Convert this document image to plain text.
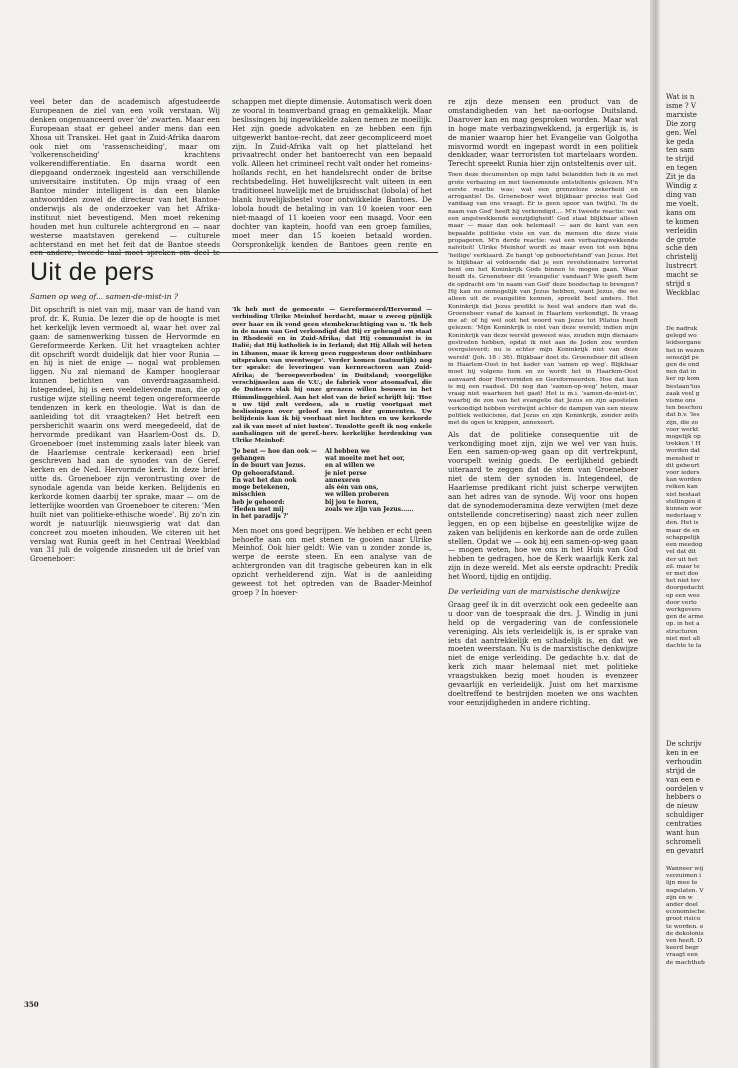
veel beter dan de academisch afgestudeerde Europeanen de ziel van een volk verstaan. Wij denken ongenuanceerd over 'de' zwarten. Maar een Europeaan staat er geheel ander mens dan een Xhosa uit Transkei. Het gaat in Zuid-Afrika daarom ook niet om 'rassenscheiding', maar om 'volkerenscheiding' krachtens volkerendifferentiatie. En daarna wordt een diepgaand onderzoek ingesteld aan verschillende universitaire instituten. Op mijn vraag of een Bantoe minder intelligent is dan een blanke antwoordden zowel de directeur van het Bantoe-onderwijs als de onderzoeker van het Afrika-instituut niet bevestigend. Men moet rekening houden met hun culturele achtergrond en — naar westerse maatstaven gerekend — culturele achterstand en met het feit dat de Bantoe steeds

schappen met diepte dimensie. Automatisch werk doen ze vooral in teamverband graag en gemakkelijk. Maar beslissingen bij ingewikkelde zaken nemen ze moeilijk. Het zijn goede advokaten en ze hebben een fijn uitgewerkt bantoe-recht, dat zeer gecompliceerd moet zijn. In Zuid-Afrika valt op het platteland het privaatrecht onder het bantoerecht van een bepaald volk. Alleen het crimineel recht valt onder het romeins-hollands recht, en het handelsrecht onder de britse rechtsbedeling. Het huwelijksrecht valt uiteen in een traditioneel huwelijk met de bruidsschat (lobola) of het blank huwelijksbestel voor ontwikkelde Bantoes. De lobola houdt de betaling in van 10 koeien voor een niet-maagd of 11 koeien voor een maagd. Voor een dochter van kaptein, hoofd van een groep families, moet meer dan 15 koeien betaald worden. Oorspronkelijk kenden de Bantoes geen rente en

re zijn deze mensen een product van de omstandigheden van het na-oorlogse Duitsland. Daarover kan en mag gesproken worden. Maar wat in hoge mate verbazingwekkend, ja ergerlijk is, is de manier waarop hier het Evangelie van Golgotha misvormd wordt en ingepast wordt in een politiek denkkader, waar terroristen tot martelaars worden. Terecht spreekt Runia hier zijn ontsteltenis over uit.

Toen deze documenten op mijn tafel belandden heb ik ze met grote verbazing en met toenemende ontsteltenis gelezen. M'n eerste reactie was: wat een grenzeloze zekerheid en arrogantie! Ds. Groeneboer weet blijkbaar precies wat God vandaag van ons vraagt. Er is geen spoor van twijfel. 'In de naam van God' heeft hij verkondigd.... M'n tweede reactie: wat een angstwekkende eenzijdigheid! God staat blijkbaar alleen maar — maar dan ook helemaal! — aan de kant van een bepaalde politieke visie en van de mensen die deze visie propageren. M'n derde reactie: wat een verbazingwekkende naïviteit! Ulrike Meinhof wordt zo maar even tot een bijna 'heilige' verklaard. Ze hangt 'op geboortefstand' van Jezus. Het is blijkbaar al voldoende dat je een revolutionaire terrorist bent om het Koninkrijk Gods binnen te mogen gaan. Waar houdt ds. Groeneboer dit 'evangelie' vandaan? Wie geeft hem de opdracht om 'in naam van God' deze boodschap te brengen? Hij kan nu onmogelijk van Jezus hebben, want Jezus, die we alleen uit de evangeliën kennen, spreekt heel anders. Het Koninkrijk dat Jezus predikt is heel wat anders dan wat ds. Groeneboer vanaf de kansel in Haarlem verkondigt. Ik vraag me af: of hij wel ooit het woord van Jezus tot Pilatus heeft gelezen: 'Mijn Koninkrijk is niet van deze wereld; indien mijn Koninkrijk van deze wereld geweest was, zouden mijn dienaars gestreden hebben, opdat ik niet aan de Joden zou worden overgeleverd; nu is echter mijn Koninkrijk niet van deze wereld' (Joh. 18 : 36). Blijkbaar doet ds. Groeneboer dit alleen in Haarlem-Oost in het kader van 'samen op weg'. Blijkbaar moet hij volgens hem en zo wordt het in Haarlem-Oost aanvaard door Hervormden en Gereformeerden. Hoe dat kan is mij een raadsel. Dit nog dan 'samen-op-weg' heten, maar vraag niet waarheen het gaat! Het is m.i. 'samen-de-mist-in', waarbij de zon van het evangelie dat Jezus en zijn apostelen verkondigd hebben verdwijnt achter de dampen van een nieuw politiek welkicisme, dat Jezus en zijn Koninkrijk, zonder zelfs met de ogen te knippen, annexeert.

Als dat de politieke consequentie uit de verkondiging moet zijn, zijn we wel ver van huis. Een een samen-op-weg gaan op dit vertrekpunt, voorspelt weinig goeds. De eerlijkheid gebiedt uiteraard te zeggen dat de stem van Groeneboer niet de stem der synoden is. Integendeel, de Haarlemse predikant richt juist scherpe verwijten aan het adres van de synode. Wij voor ons hopen dat de synodemoderamina deze verwijten (met deze ontstellende concretisering) naast zich neer zullen leggen, en op een bijbelse en geestelijke wijze de zaken van belijdenis en kerkorde aan de orde zullen stellen. Opdat we — ook bij een samen-op-weg gaan — mogen weten, hoe we ons in het Huis van God hebben te gedragen, hoe de Kerk waarlijk Kerk zal zijn in deze wereld. Met als eerste opdracht: Predik het Woord, tijdig en ontijdig.

De verleiding van de marxistische denkwijze

Graag geef ik in dit overzicht ook een gedeelte aan u door van de toespraak die drs. J. Windig in juni held op de vergadering van de confessionele vereniging. Als iets verleidelijk is, is er sprake van iets dat aantrekkelijk en schadelijk is, en dat we moeten weerstaan. Nu is de marxistische denkwijze niet de enige verleiding. De gedachte b.v. dat de kerk zich maar helemaal niet met politieke vraagstukken bezig moet houden is evenzeer gevaarlijk en verleidelijk. Juist om het marxisme doeltreffend te bestrijden moeten we ons wachten voor eenzijdigheden in andere richting.

Uit de pers
Samen op weg of... samen-de-mist-in ?

Dit opschrift is niet van mij, maar van de hand van prof. dr. K. Runia. De lezer die op de hoogte is met het kerkelijk leven vermoedt al, waar het over zal gaan: de samenwerking tussen de Hervormde en Gereformeerde Kerken. Uit het vraagteken achter dit opschrift wordt duidelijk dat hier voor Runia — en hij is niet de enige — nogal wat problemen liggen. Nu zal niemand de Kamper hoogleraar kunnen betichten van onverdraagzaamheid. Integendeel, hij is een veeldelievende man, die op rustige wijze stelling neemt tegen ongereformeerde tendenzen in kerk en theologie. Wat is dan de aanleiding tot dit vraagteken? Het betreft een persberichit waarin ons werd meegedeeld, dat de hervormde predikant van Haarlem-Oost ds. D. Groeneboer (met instemming zaals later bleek van de Haarlemse centrale kerkeraad) een brief geschreven had aan de synodes van de Geref. kerken en de Ned. Hervormde kerk. In deze brief uitte ds. Groeneboer zijn verontrusting over de synodale agenda van beide kerken. Belijdenis en kerkorde komen daarbij ter sprake, maar — om de letterlijke woorden van Groeneboer te citeren: 'Men huilt niet van politieke-ethische woede'. Bij zo'n zin wordt je natuurlijk nieuwsgierig wat dat dan concreet zou moeten inhouden. We citeren uit het verslag wat Runia geeft in het Centraal Weekblad van 31 juli de volgende zinsneden uit de brief van Groeneboer:

'Ik heb met de gemeente — Gereformeerd/Hervormd — verbinding Ulrike Meinhof herdacht, maar u zweeg pijnlijk over haar en ik vond geen stembekrachtiging van u. 'Ik heb in de naam van God verkondigd dat Hij er geheugd om staat in Rhodesië en in Zuid-Afrika; dat Hij communist is in Italië; dat Hij katholiek is in Ierland; dat Hij Allah wil heten in Libanon, maar ik kreeg geen ruggesteun door ontbinbare uitspraken van uwentwege'. Verder komen (natuurlijk) nog ter sprake: de leveringen van kernreactoren aan Zuid-Afrika; de 'beroepsverboden' in Duitsland; voorgelijke verschijnselen aan de V.U.; de fabriek voor atoomafval, die de Duitsers vlak bij onze grenzen willen bouwen in het Hümmlinggebied. Aan het slot van de brief schrijft hij: 'Hoe u uw tijd zult verdoen, als u rustig voortgaat met beslissingen over geloof en leven der gemeenten. Uw belijdenis kan ik bij voorbaat niet luchten en uw kerkorde zal ik van meet af niet lusten'. Tenslotte geeft ik nog enkele aanhalingen uit de geref.-herv. kerkelijke herdenking van Ulrike Meinhof:

'Je bent — hoe dan ook —
gehangen
in de buurt van Jezus.
Op gehoorafstand.
En wat het dan ook
moge betekenen,
misschien
heb je gehoord:
'Heden met mij
in het paradijs ?'
Al hebben we
wat moeite met het oor,
en al willen we
je niet perse
annexeren
als één van ons,
we willen proberen
bij jou te horen,
zoals we zijn van Jezus......

Men moet ons goed begrijpen. We hebben er echt geen behoefte aan om met stenen te gooien naar Ulrike Meinhof. Ook hier geldt: Wie van u zonder zonde is, werpe de eerste steen. En een analyse van de achtergronden van dit tragische gebeuren kan in elk opzicht verhelderend zijn. Wat is de aanleiding geweest tot het optreden van de Baader-Meinhof groep ? In hoever-

350
Wat is n
isme ? V
marxiste
Die zorg
gen. Wel
ke geda
ten sam
te strijd
en tegen
Zit je da
Windig z
ding van
me voelt.
kans om
te komen
verleidin
de grote
sche den
christelij
lustrecrt
macht se
strijd s
Weckblac
De nadruk
gelegd wo
leidsorgane
het in wezen
senszijd pe
gen de ond
nen dat in
ker op kom
bestaan'tus
zaak veel g
visme ons
ten beschou
dat b.v. 'les
zijn, die zo
voor werkt
mogelijk op
trekken ! H
worden dat
menshed ir
dit gebeurt
voor ieders
kan worden
reiken kan
xist bestaat
stellingen d
kunnen wor
nederlaag v
den. Het is
maar de en
schappelijk
een meedog
vel dat dit
der uit het
zil. maar te
er met doo
het niet tev
doorgedacht
op een wee
door verlo
werkgevers
gen de arme
op. in het a
structuren
niet met all
dachte te la
De schrijv
ken in ee
verhoudin
strijd de
van een e
oordelen v
hebbers o
de nieuw
schuldiger
centraties
want hun
schromeli
en gevanrl
Wanneer wij
verzuimen i
lijn mee te
nagelaten. V
zijn en w
ander doel
economische
groot risico
te worden. e
de dekolonis
ven heeft. D
keerd begr
vraagt een
de machtheb
